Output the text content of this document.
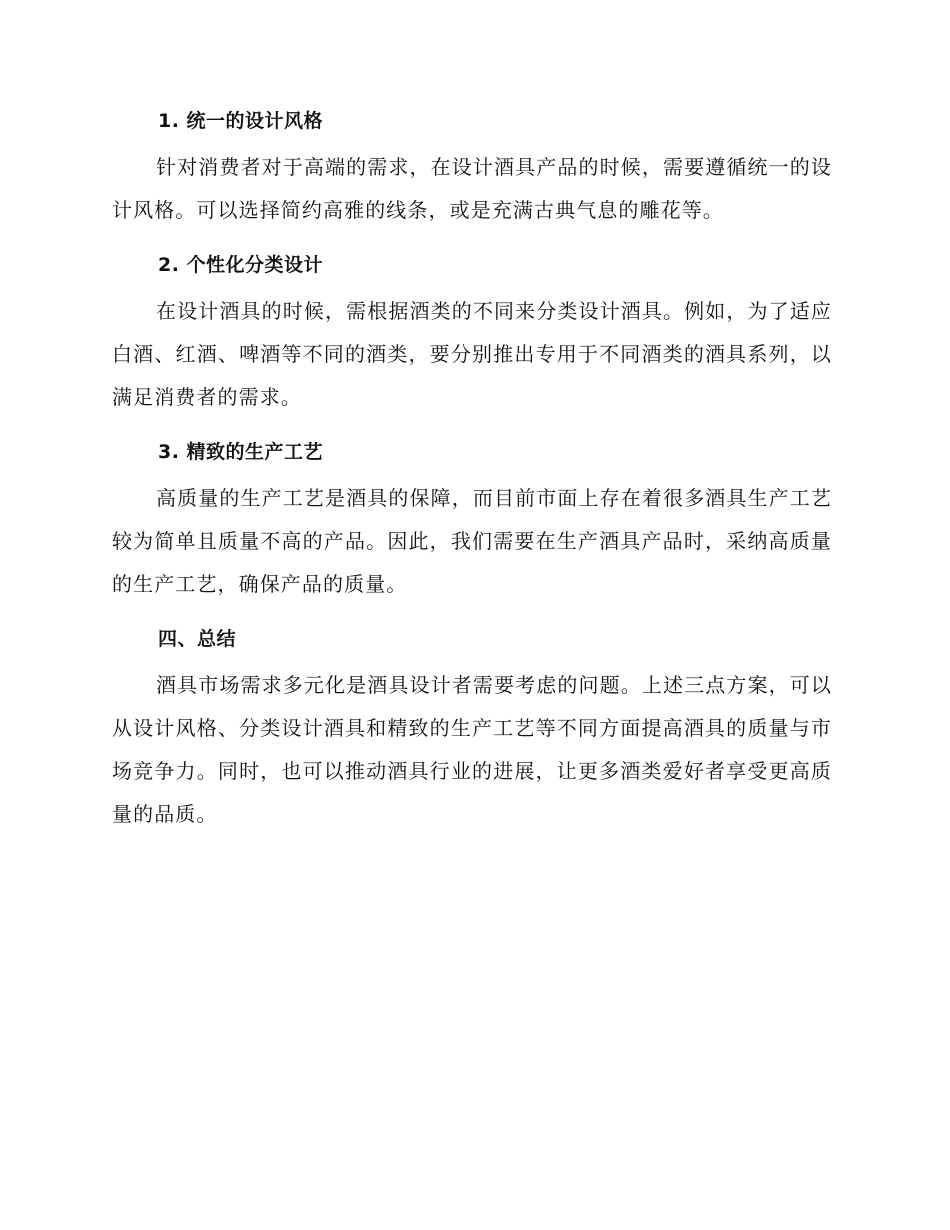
1. 统一的设计风格

针对消费者对于高端的需求，在设计酒具产品的时候，需要遵循统一的设计风格。可以选择简约高雅的线条，或是充满古典气息的雕花等。

2. 个性化分类设计

在设计酒具的时候，需根据酒类的不同来分类设计酒具。例如，为了适应白酒、红酒、啤酒等不同的酒类，要分别推出专用于不同酒类的酒具系列，以满足消费者的需求。

3. 精致的生产工艺

高质量的生产工艺是酒具的保障，而目前市面上存在着很多酒具生产工艺较为简单且质量不高的产品。因此，我们需要在生产酒具产品时，采纳高质量的生产工艺，确保产品的质量。

四、总结

酒具市场需求多元化是酒具设计者需要考虑的问题。上述三点方案，可以从设计风格、分类设计酒具和精致的生产工艺等不同方面提高酒具的质量与市场竞争力。同时，也可以推动酒具行业的进展，让更多酒类爱好者享受更高质量的品质。
